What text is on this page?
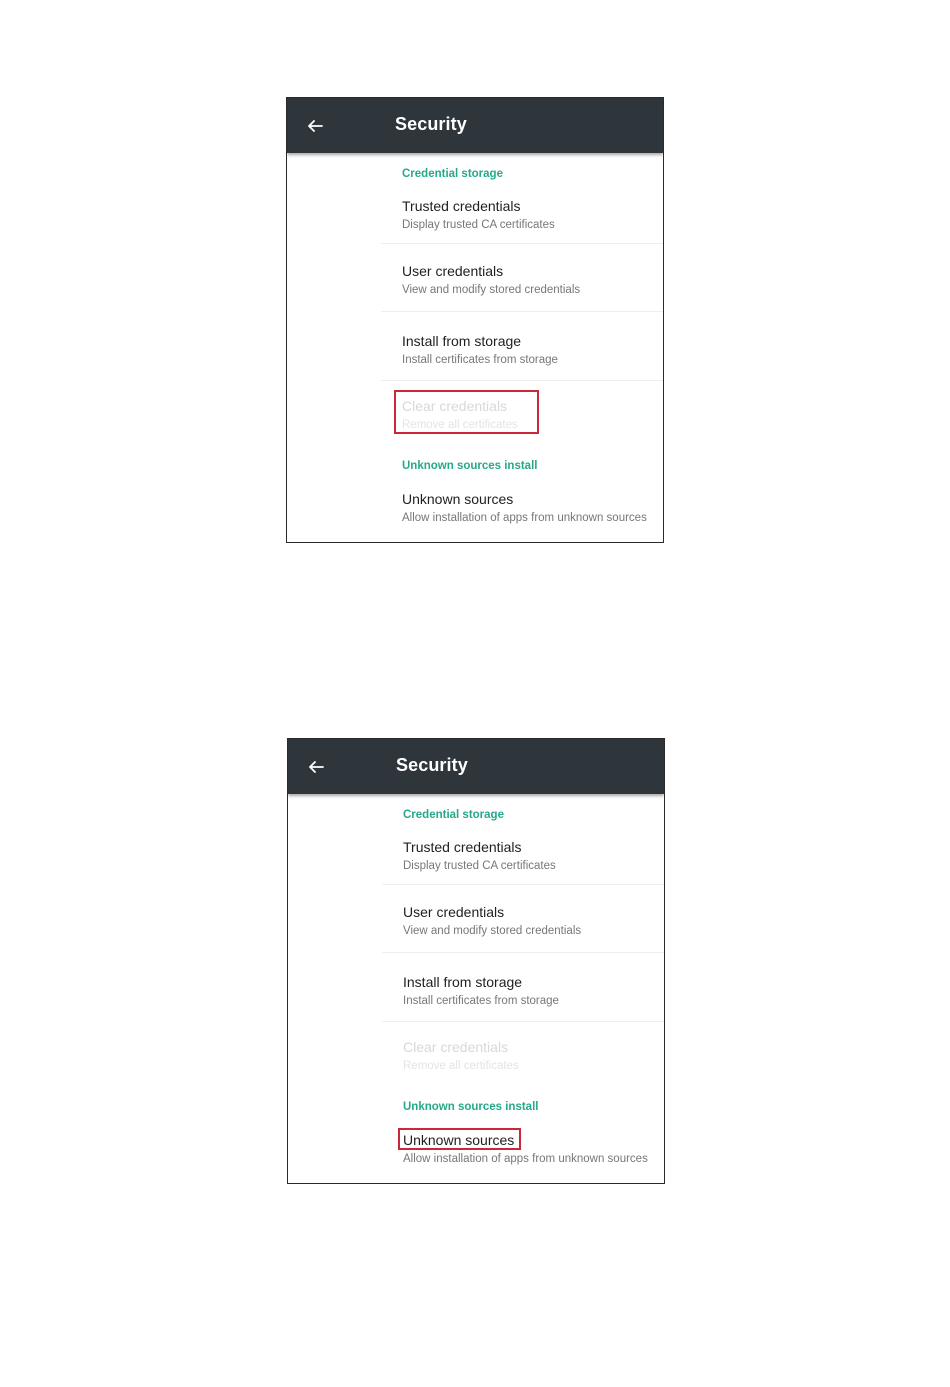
Security
Credential storage
Trusted credentials
Display trusted CA certificates
User credentials
View and modify stored credentials
Install from storage
Install certificates from storage
Clear credentials
Remove all certificates
Unknown sources install
Unknown sources
Allow installation of apps from unknown sources
Security
Credential storage
Trusted credentials
Display trusted CA certificates
User credentials
View and modify stored credentials
Install from storage
Install certificates from storage
Clear credentials
Remove all certificates
Unknown sources install
Unknown sources
Allow installation of apps from unknown sources
